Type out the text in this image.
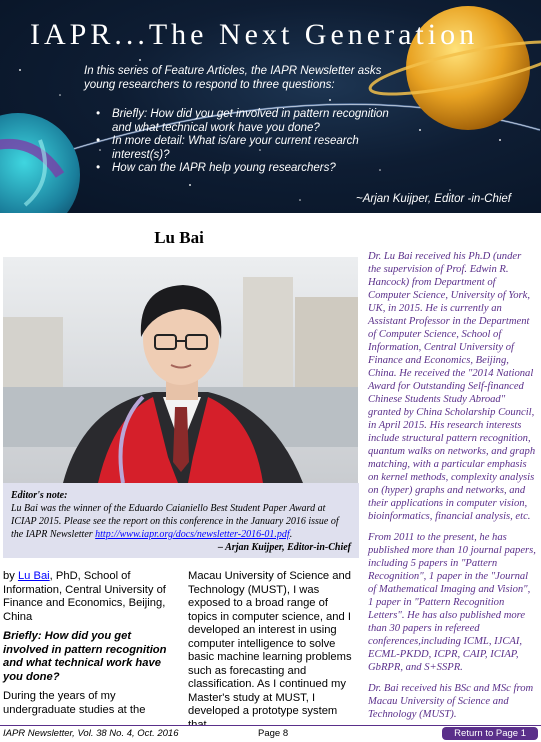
IAPR...The Next Generation
In this series of Feature Articles, the IAPR Newsletter asks young researchers to respond to three questions:
• Briefly: How did you get involved in pattern recognition and what technical work have you done?
• In more detail: What is/are your current research interest(s)?
• How can the IAPR help young researchers?
~Arjan Kuijper, Editor -in-Chief
Lu Bai
Editor's note:
Lu Bai was the winner of the Eduardo Caianiello Best Student Paper Award at ICIAP 2015. Please see the report on this conference in the January 2016 issue of the IAPR Newsletter http://www.iapr.org/docs/newsletter-2016-01.pdf.
– Arjan Kuijper, Editor-in-Chief

by Lu Bai, PhD, School of Information, Central University of Finance and Economics, Beijing, China

Briefly: How did you get involved in pattern recognition and what technical work have you done?

During the years of my undergraduate studies at the

Macau University of Science and Technology (MUST), I was exposed to a broad range of topics in computer science, and I developed an interest in using computer intelligence to solve basic machine learning problems such as forecasting and classification. As I continued my Master's study at MUST, I developed a prototype system

Dr. Lu Bai received his Ph.D (under the supervision of Prof. Edwin R. Hancock) from Department of Computer Science, University of York, UK, in 2015. He is currently an Assistant Professor in the Department of Computer Science, School of Information, Central University of Finance and Economics, Beijing, China. He received the "2014 National Award for Outstanding Self-financed Chinese Students Study Abroad" granted by China Scholarship Council, in April 2015. His research interests include structural pattern recognition, quantum walks on networks, and graph matching, with a particular emphasis on kernel methods, complexity analysis on (hyper) graphs and networks, and their applications in computer vision, bioinformatics, financial analysis, etc.

From 2011 to the present, he has published more than 10 journal papers, including 5 papers in "Pattern Recognition", 1 paper in the "Journal of Mathematical Imaging and Vision", 1 paper in "Pattern Recognition Letters". He has also published more than 30 papers in refereed conferences,including ICML, IJCAI, ECML-PKDD, ICPR, CAIP, ICIAP, GbRPR, and S+SSPR.

Dr. Bai received his BSc and MSc from Macau University of Science and Technology (MUST).

IAPR Newsletter, Vol. 38 No. 4, Oct. 2016	Page 8	Return to Page 1
